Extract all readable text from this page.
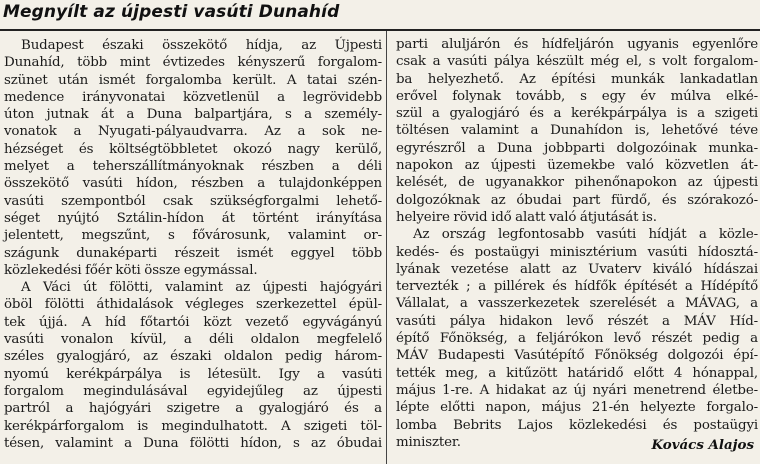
Megnyílt az újpesti vasúti Dunahíd
Budapest északi összekötő hídja, az Újpesti
Dunahíd, több mint évtizedes kényszerű forgalom-
szünet után ismét forgalomba került. A tatai szén-
medence irányvonatai közvetlenül a legrövidebb
úton jutnak át a Duna balpartjára, s a személy-
vonatok a Nyugati-pályaudvarra. Az a sok ne-
hézséget és költségtöbbletet okozó nagy kerülő,
melyet a teherszállítmányoknak részben a déli
összekötő vasúti hídon, részben a tulajdonképpen
vasúti szempontból csak szükségforgalmi lehető-
séget nyújtó Sztálin-hídon át történt irányítása
jelentett, megszűnt, s fővárosunk, valamint or-
szágunk dunaképarti részeit ismét eggyel több
közlekedési főér köti össze egymással.
A Váci út fölötti, valamint az újpesti hajógyári
öböl fölötti áthidalások végleges szerkezettel épül-
tek újjá. A híd főtartói közt vezető egyvágányú
vasúti vonalon kívül, a déli oldalon megfelelő
széles gyalogjáró, az északi oldalon pedig három-
nyomú kerékpárpálya is létesült. Igy a vasúti
forgalom megindulásával egyidejűleg az újpesti
partról a hajógyári szigetre a gyalogjáró és a
kerékpárforgalom is megindulhatott. A szigeti töl-
tésen, valamint a Duna fölötti hídon, s az óbudai
parti aluljárón és hídfeljárón ugyanis egyenlőre
csak a vasúti pálya készült még el, s volt forgalom-
ba helyezhető. Az építési munkák lankadatlan
erővel folynak tovább, s egy év múlva elké-
szül a gyalogjáró és a kerékpárpálya is a szigeti
töltésen valamint a Dunahídon is, lehetővé téve
egyrészről a Duna jobbparti dolgozóinak munka-
napokon az újpesti üzemekbe való közvetlen át-
kelését, de ugyanakkor pihenőnapokon az újpesti
dolgozóknak az óbudai part fürdő, és szórakozó-
helyeire rövid idő alatt való átjutását is.
Az ország legfontosabb vasúti hídját a közle-
kedés- és postaügyi minisztérium vasúti hídosztá-
lyának vezetése alatt az Uvaterv kiváló hídászai
tervezték ; a pillérek és hídfők építését a Hídépítő
Vállalat, a vasszerkezetek szerelését a MÁVAG, a
vasúti pálya hidakon levő részét a MÁV Híd-
építő Főnökség, a feljárókon levő részét pedig a
MÁV Budapesti Vasútépítő Főnökség dolgozói épí-
tették meg, a kitűzött határidő előtt 4 hónappal,
május 1-re. A hidakat az új nyári menetrend életbe-
lépte előtti napon, május 21-én helyezte forgalo-
lomba Bebrits Lajos közlekedési és postaügyi
miniszter.	Kovács Alajos
